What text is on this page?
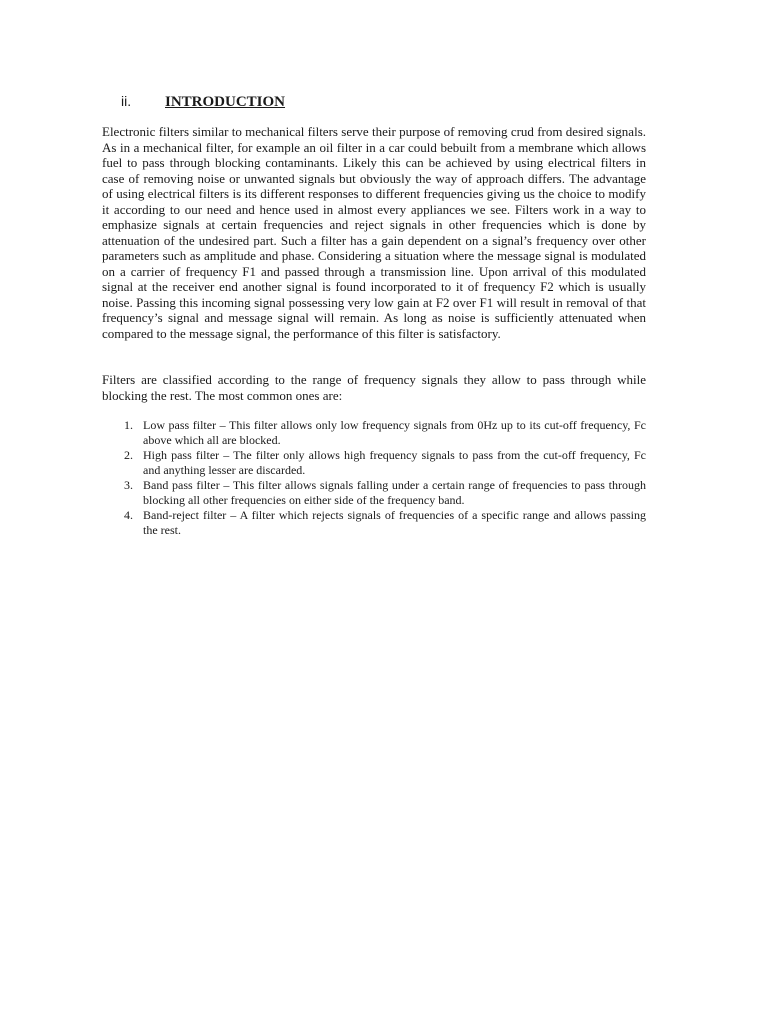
ii. INTRODUCTION

Electronic filters similar to mechanical filters serve their purpose of removing crud from desired signals. As in a mechanical filter, for example an oil filter in a car could bebuilt from a membrane which allows fuel to pass through blocking contaminants. Likely this can be achieved by using electrical filters in case of removing noise or unwanted signals but obviously the way of approach differs. The advantage of using electrical filters is its different responses to different frequencies giving us the choice to modify it according to our need and hence used in almost every appliances we see. Filters work in a way to emphasize signals at certain frequencies and reject signals in other frequencies which is done by attenuation of the undesired part. Such a filter has a gain dependent on a signal’s frequency over other parameters such as amplitude and phase. Considering a situation where the message signal is modulated on a carrier of frequency F1 and passed through a transmission line. Upon arrival of this modulated signal at the receiver end another signal is found incorporated to it of frequency F2 which is usually noise. Passing this incoming signal possessing very low gain at F2 over F1 will result in removal of that frequency’s signal and message signal will remain. As long as noise is sufficiently attenuated when compared to the message signal, the performance of this filter is satisfactory.

Filters are classified according to the range of frequency signals they allow to pass through while blocking the rest. The most common ones are:

1. Low pass filter – This filter allows only low frequency signals from 0Hz up to its cut-off frequency, Fc above which all are blocked.
2. High pass filter – The filter only allows high frequency signals to pass from the cut-off frequency, Fc and anything lesser are discarded.
3. Band pass filter – This filter allows signals falling under a certain range of frequencies to pass through blocking all other frequencies on either side of the frequency band.
4. Band-reject filter – A filter which rejects signals of frequencies of a specific range and allows passing the rest.
